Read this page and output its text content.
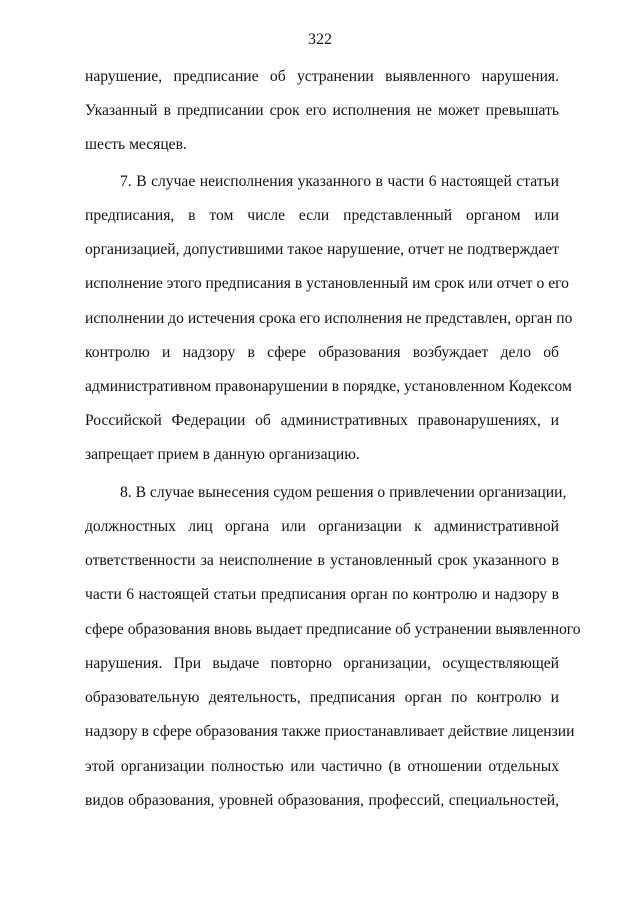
322
нарушение, предписание об устранении выявленного нарушения.
Указанный в предписании срок его исполнения не может превышать
шесть месяцев.
7. В случае неисполнения указанного в части 6 настоящей статьи
предписания, в том числе если представленный органом или
организацией, допустившими такое нарушение, отчет не подтверждает
исполнение этого предписания в установленный им срок или отчет о его
исполнении до истечения срока его исполнения не представлен, орган по
контролю и надзору в сфере образования возбуждает дело об
административном правонарушении в порядке, установленном Кодексом
Российской Федерации об административных правонарушениях, и
запрещает прием в данную организацию.
8. В случае вынесения судом решения о привлечении организации,
должностных лиц органа или организации к административной
ответственности за неисполнение в установленный срок указанного в
части 6 настоящей статьи предписания орган по контролю и надзору в
сфере образования вновь выдает предписание об устранении выявленного
нарушения. При выдаче повторно организации, осуществляющей
образовательную деятельность, предписания орган по контролю и
надзору в сфере образования также приостанавливает действие лицензии
этой организации полностью или частично (в отношении отдельных
видов образования, уровней образования, профессий, специальностей,
